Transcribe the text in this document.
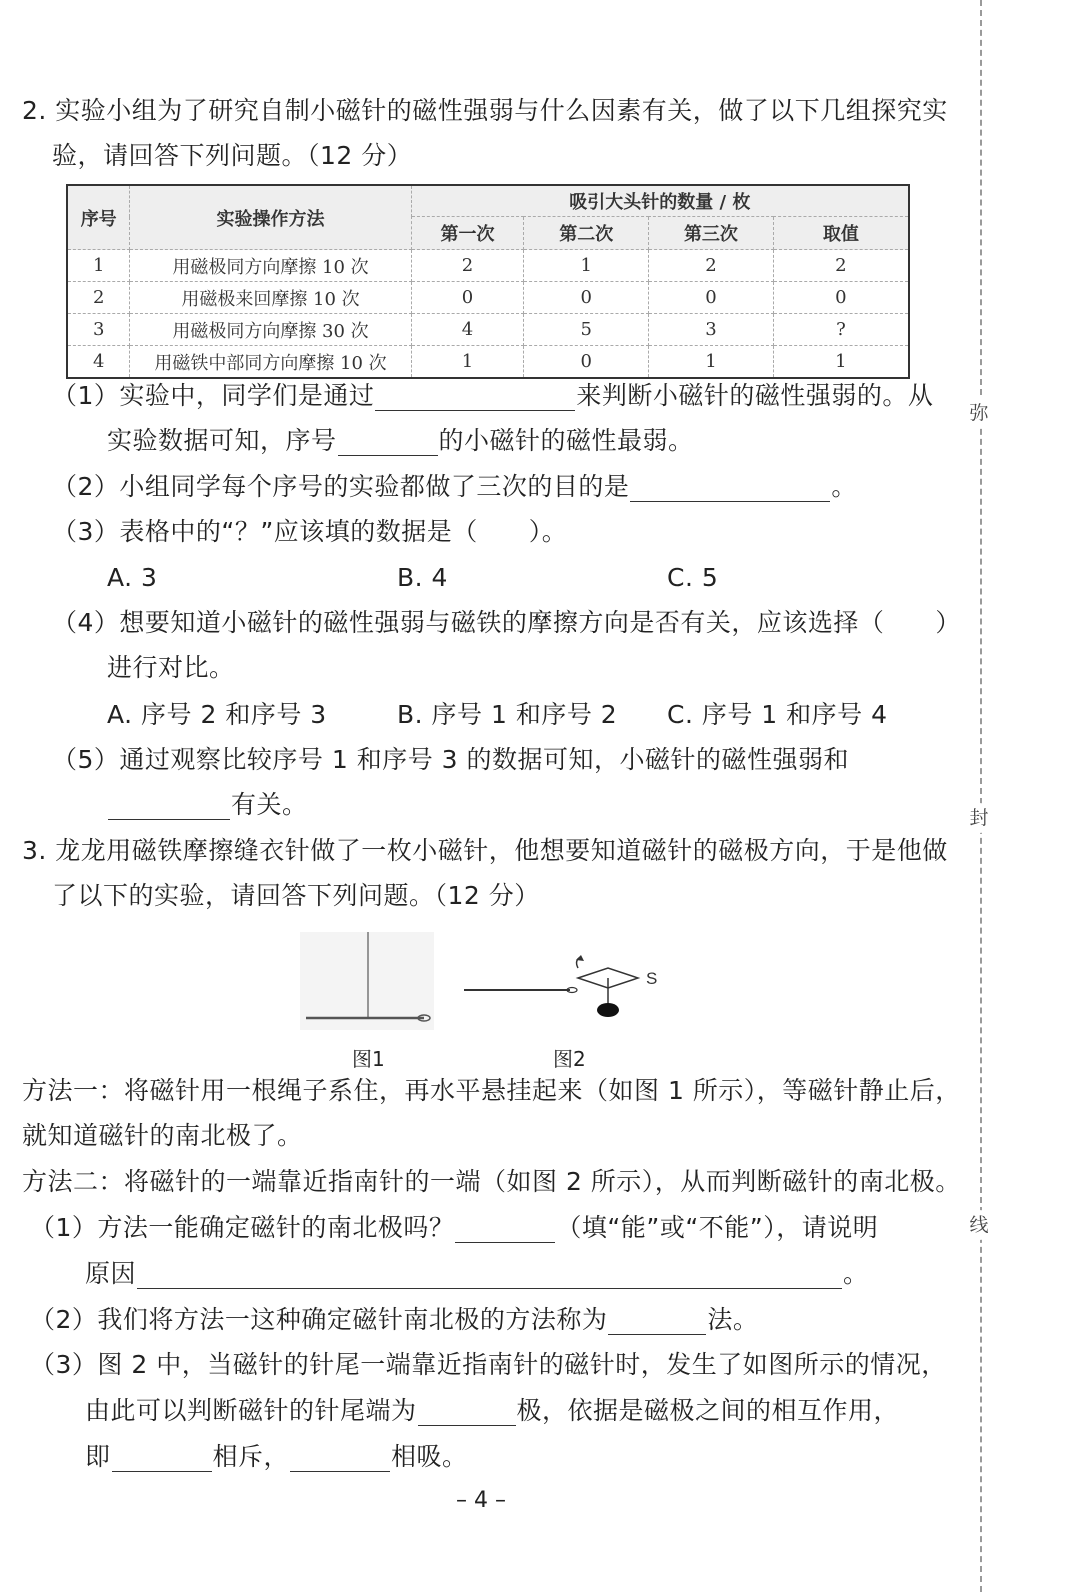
弥
封
线
2. 实验小组为了研究自制小磁针的磁性强弱与什么因素有关，做了以下几组探究实
验，请回答下列问题。（12 分）
序号	实验操作方法	吸引大头针的数量 / 枚			
		第一次	第二次	第三次	取值
1	用磁极同方向摩擦 10 次	2	1	2	2
2	用磁极来回摩擦 10 次	0	0	0	0
3	用磁极同方向摩擦 30 次	4	5	3	?
4	用磁铁中部同方向摩擦 10 次	1	0	1	1
（1）实验中，同学们是通过	来判断小磁针的磁性强弱的。从
实验数据可知，序号	的小磁针的磁性最弱。
（2）小组同学每个序号的实验都做了三次的目的是	。
（3）表格中的“？”应该填的数据是（　　）。
A. 3	B. 4	C. 5
（4）想要知道小磁针的磁性强弱与磁铁的摩擦方向是否有关，应该选择（　　）
进行对比。
A. 序号 2 和序号 3	B. 序号 1 和序号 2 C. 序号 1 和序号 4
（5）通过观察比较序号 1 和序号 3 的数据可知，小磁针的磁性强弱和
有关。
3. 龙龙用磁铁摩擦缝衣针做了一枚小磁针，他想要知道磁针的磁极方向，于是他做
了以下的实验，请回答下列问题。（12 分）
图1
S
图2
方法一：将磁针用一根绳子系住，再水平悬挂起来（如图 1 所示），等磁针静止后，
就知道磁针的南北极了。
方法二：将磁针的一端靠近指南针的一端（如图 2 所示），从而判断磁针的南北极。
（1）方法一能确定磁针的南北极吗？	（填“能”或“不能”），请说明
原因	。
（2）我们将方法一这种确定磁针南北极的方法称为	法。
（3）图 2 中，当磁针的针尾一端靠近指南针的磁针时，发生了如图所示的情况，
由此可以判断磁针的针尾端为	极，依据是磁极之间的相互作用，
即	相斥，	相吸。
– 4 –
